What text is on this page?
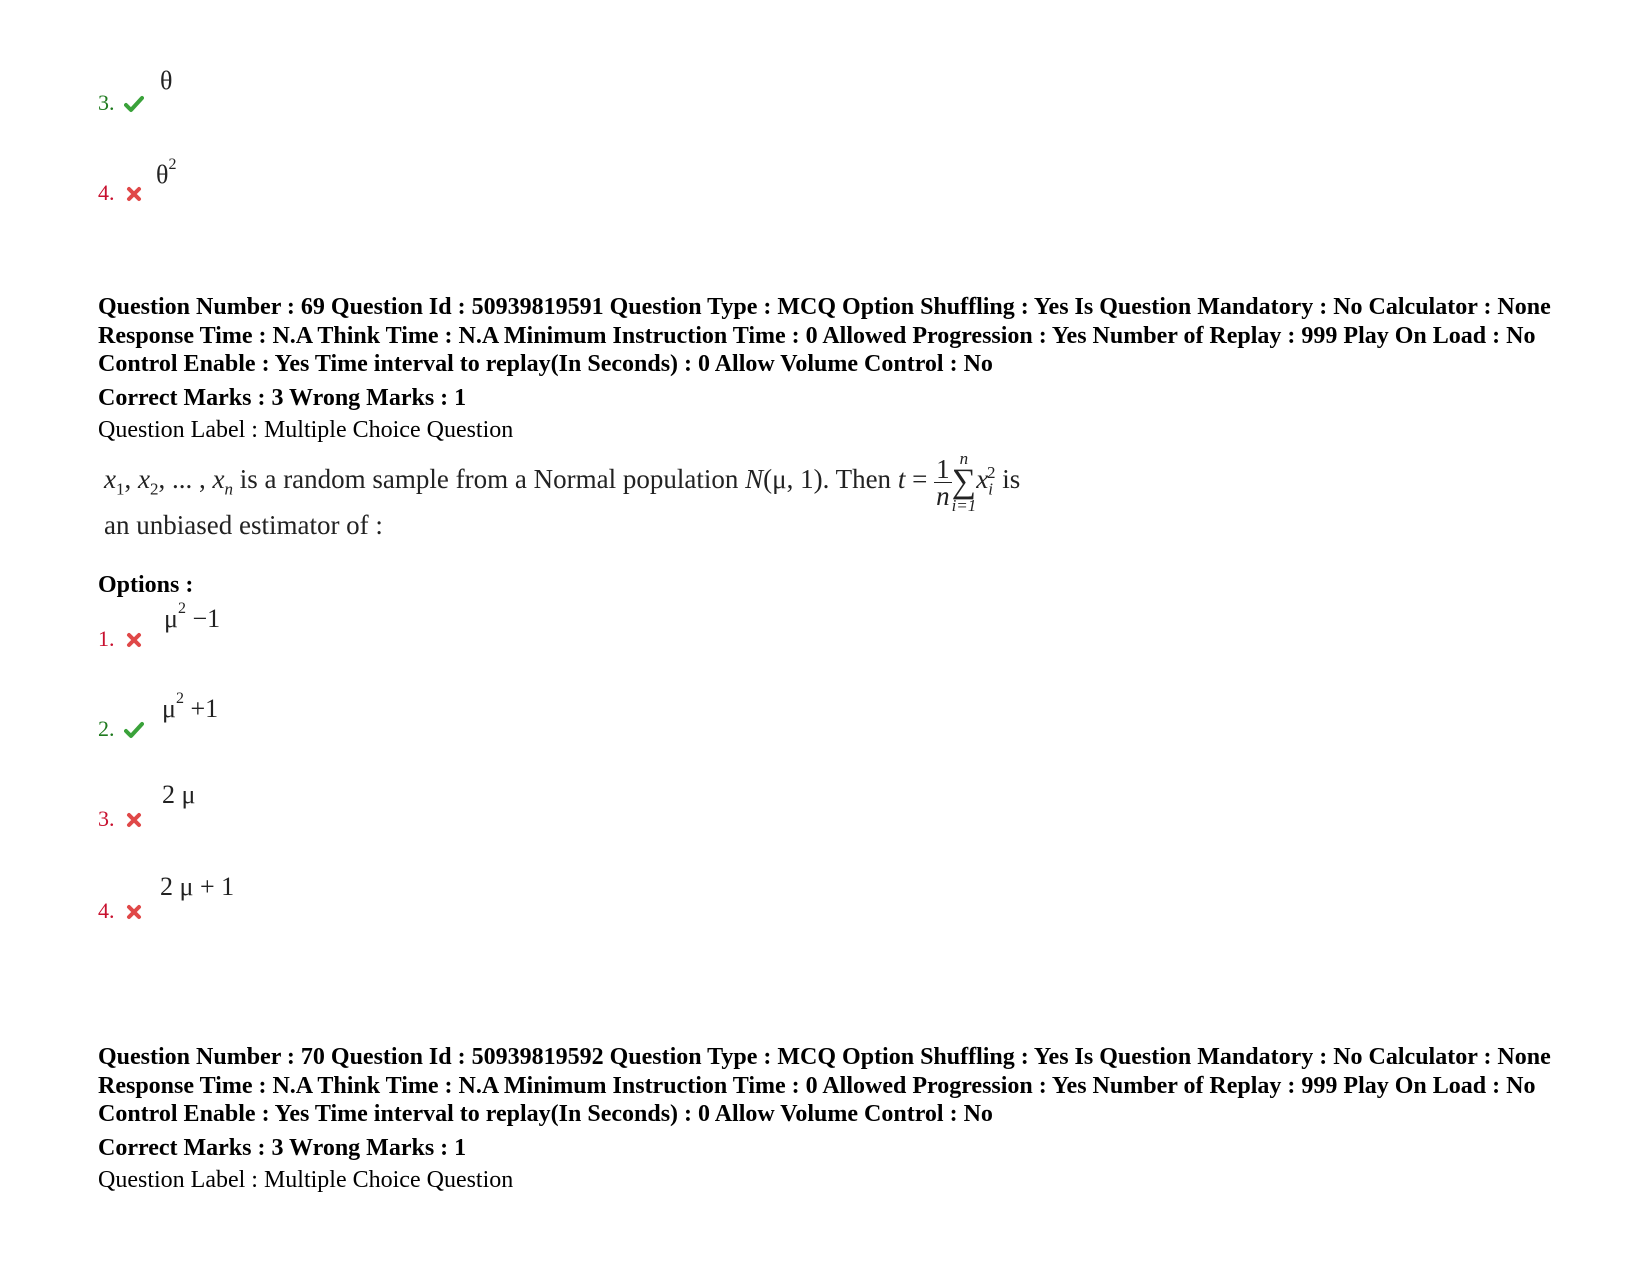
3.
θ
4.
$\theta^2$
Question Number : 69 Question Id : 50939819591 Question Type : MCQ Option Shuffling : Yes Is Question Mandatory : No Calculator : None Response Time : N.A Think Time : N.A Minimum Instruction Time : 0 Allowed Progression : Yes Number of Replay : 999 Play On Load : No Control Enable : Yes Time interval to replay(In Seconds) : 0 Allow Volume Control : No
Correct Marks : 3 Wrong Marks : 1
Question Label : Multiple Choice Question
$x_1$, $x_2$, ... , $x_n$ is a random sample from a Normal population N(μ, 1). Then $t = \frac{1}{n}$ n
∑
i=1
$x_i^2$ is
an unbiased estimator of :
Options :
1.
$\mu^2 -1$
2.
$\mu^2 +1$
3.
2 μ
4.
2 μ + 1
Question Number : 70 Question Id : 50939819592 Question Type : MCQ Option Shuffling : Yes Is Question Mandatory : No Calculator : None Response Time : N.A Think Time : N.A Minimum Instruction Time : 0 Allowed Progression : Yes Number of Replay : 999 Play On Load : No Control Enable : Yes Time interval to replay(In Seconds) : 0 Allow Volume Control : No
Correct Marks : 3 Wrong Marks : 1
Question Label : Multiple Choice Question
